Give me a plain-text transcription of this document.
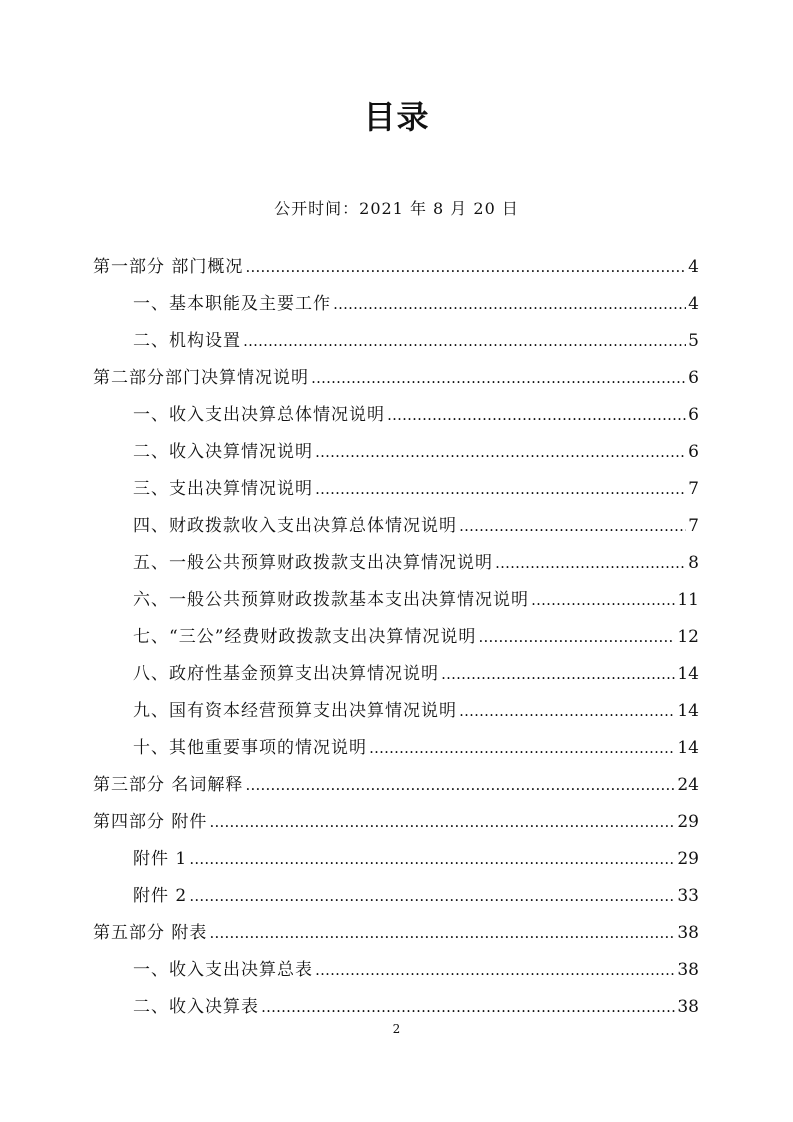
目录
公开时间：2021 年 8 月 20 日
第一部分 部门概况 ……………………………………………………………………………………………………………………………………………………………………………………	4
一、基本职能及主要工作 ……………………………………………………………………………………………………………………………………………………………………………………	4
二、机构设置 ……………………………………………………………………………………………………………………………………………………………………………………	5
第二部分部门决算情况说明 ……………………………………………………………………………………………………………………………………………………………………………………	6
一、收入支出决算总体情况说明 ……………………………………………………………………………………………………………………………………………………………………………………	6
二、收入决算情况说明 ……………………………………………………………………………………………………………………………………………………………………………………	6
三、支出决算情况说明 ……………………………………………………………………………………………………………………………………………………………………………………	7
四、财政拨款收入支出决算总体情况说明 ……………………………………………………………………………………………………………………………………………………………………………………	7
五、一般公共预算财政拨款支出决算情况说明 ……………………………………………………………………………………………………………………………………………………………………………………	8
六、一般公共预算财政拨款基本支出决算情况说明 ……………………………………………………………………………………………………………………………………………………………………………………	11
七、“三公”经费财政拨款支出决算情况说明 ……………………………………………………………………………………………………………………………………………………………………………………	12
八、政府性基金预算支出决算情况说明 ……………………………………………………………………………………………………………………………………………………………………………………	14
九、国有资本经营预算支出决算情况说明 ……………………………………………………………………………………………………………………………………………………………………………………	14
十、其他重要事项的情况说明 ……………………………………………………………………………………………………………………………………………………………………………………	14
第三部分 名词解释 ……………………………………………………………………………………………………………………………………………………………………………………	24
第四部分 附件 ……………………………………………………………………………………………………………………………………………………………………………………	29
附件 1 ……………………………………………………………………………………………………………………………………………………………………………………	29
附件 2 ……………………………………………………………………………………………………………………………………………………………………………………	33
第五部分 附表 ……………………………………………………………………………………………………………………………………………………………………………………	38
一、收入支出决算总表 ……………………………………………………………………………………………………………………………………………………………………………………	38
二、收入决算表 ……………………………………………………………………………………………………………………………………………………………………………………	38
2
